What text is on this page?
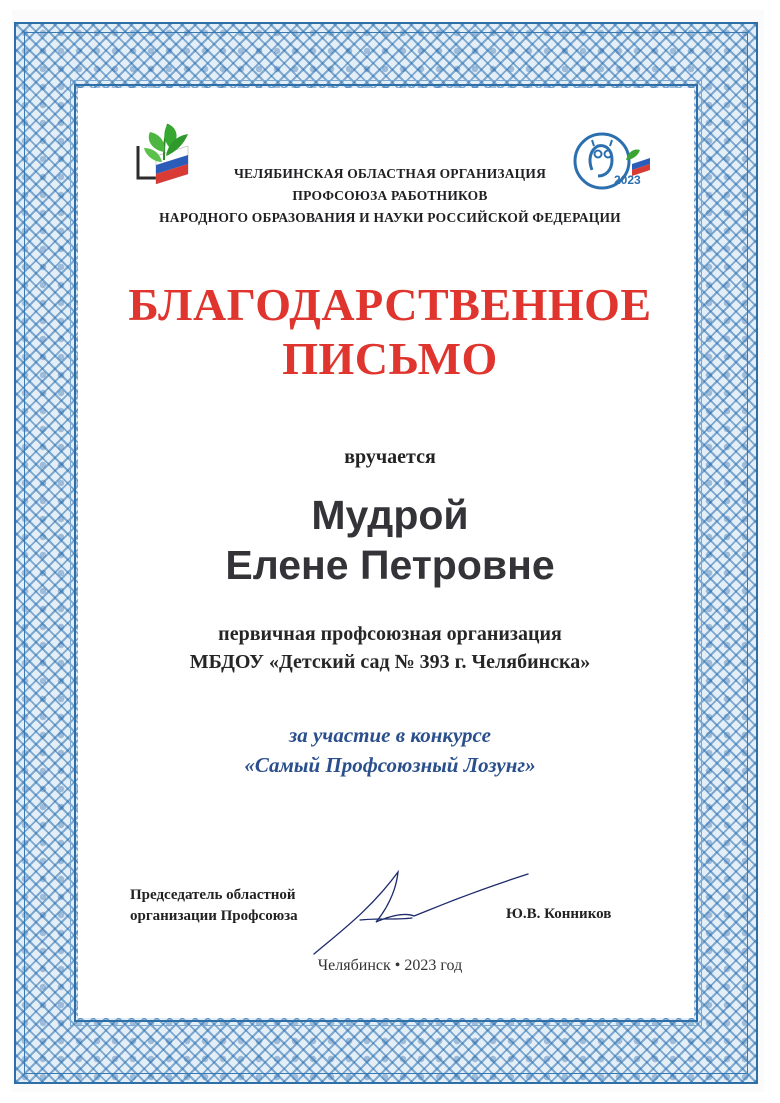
2023
ЧЕЛЯБИНСКАЯ ОБЛАСТНАЯ ОРГАНИЗАЦИЯ
ПРОФСОЮЗА РАБОТНИКОВ
НАРОДНОГО ОБРАЗОВАНИЯ И НАУКИ РОССИЙСКОЙ ФЕДЕРАЦИИ
БЛАГОДАРСТВЕННОЕ
ПИСЬМО
вручается
Мудрой
Елене Петровне
первичная профсоюзная организация
МБДОУ «Детский сад № 393 г. Челябинска»
за участие в конкурсе
«Самый Профсоюзный Лозунг»
Председатель областной
организации Профсоюза	Ю.В. Конников
Челябинск • 2023 год
